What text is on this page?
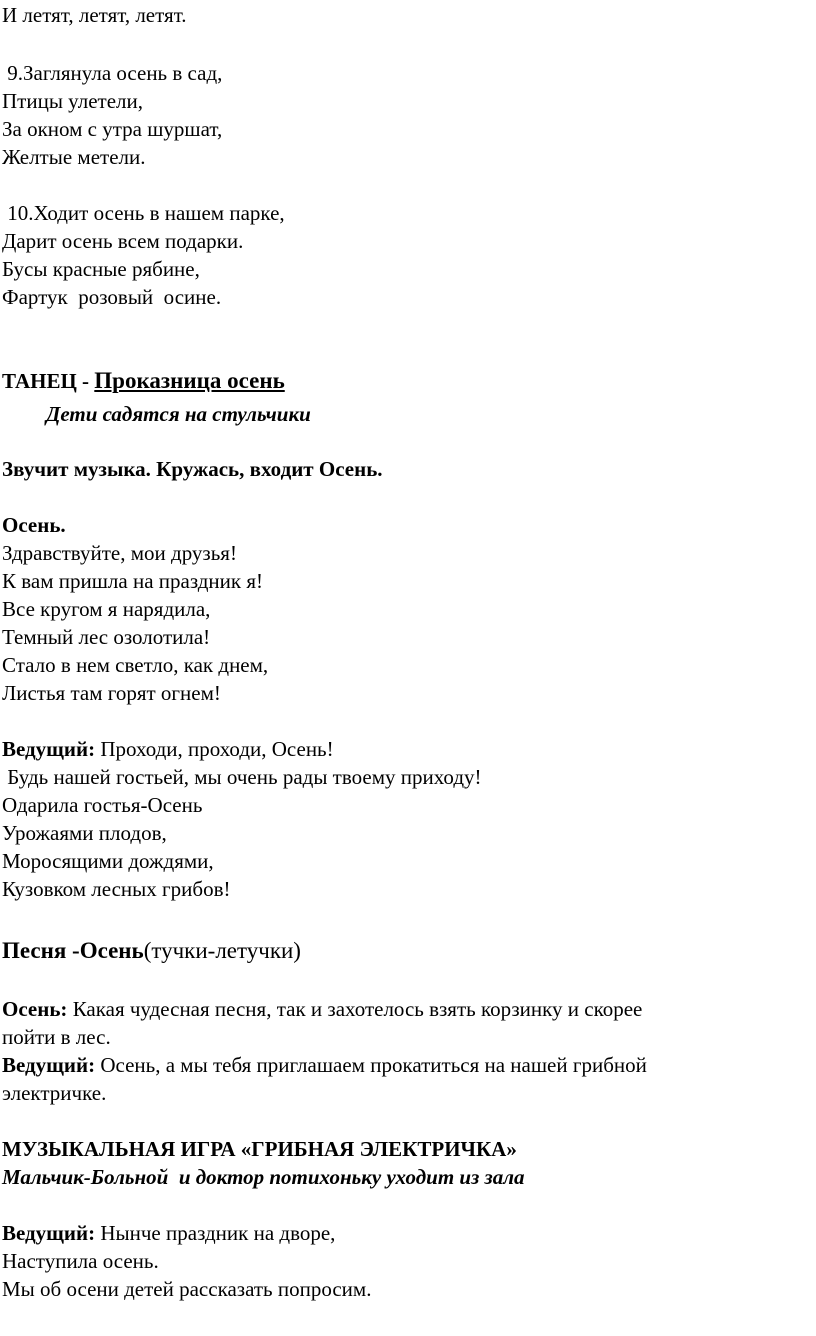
И летят, летят, летят.
9.Заглянула осень в сад,
Птицы улетели,
За окном с утра шуршат,
Желтые метели.
10.Ходит осень в нашем парке,
Дарит осень всем подарки.
Бусы красные рябине,
Фартук  розовый  осине.
ТАНЕЦ - Проказница осень
Дети садятся на стульчики
Звучит музыка. Кружась, входит Осень.
Осень.
Здравствуйте, мои друзья!
К вам пришла на праздник я!
Все кругом я нарядила,
Темный лес озолотила!
Стало в нем светло, как днем,
Листья там горят огнем!
Ведущий: Проходи, проходи, Осень!
Будь нашей гостьей, мы очень рады твоему приходу!
Одарила гостья-Осень
Урожаями плодов,
Моросящими дождями,
Кузовком лесных грибов!
Песня -Осень(тучки-летучки)
Осень: Какая чудесная песня, так и захотелось взять корзинку и скорее
пойти в лес.
Ведущий: Осень, а мы тебя приглашаем прокатиться на нашей грибной
электричке.
МУЗЫКАЛЬНАЯ ИГРА «ГРИБНАЯ ЭЛЕКТРИЧКА»
Мальчик-Больной  и доктор потихоньку уходит из зала
Ведущий: Нынче праздник на дворе,
Наступила осень.
Мы об осени детей рассказать попросим.
